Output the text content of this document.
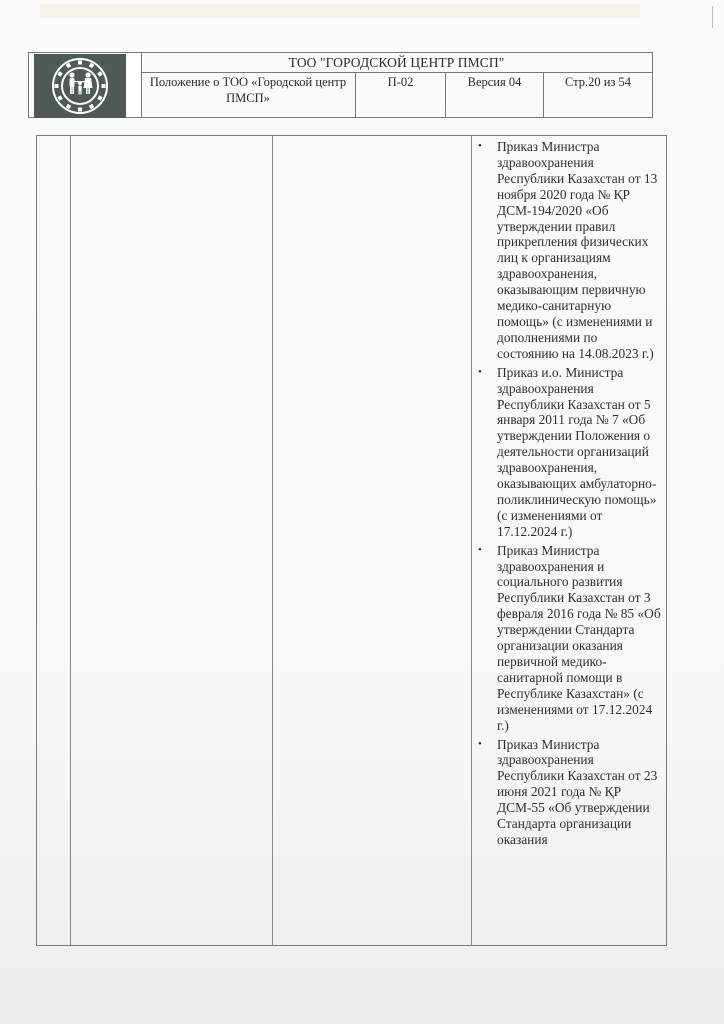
ТОО "ГОРОДСКОЙ ЦЕНТР ПМСП"
Положение о ТОО «Городской центр ПМСП»
П-02	Версия 04	Стр.20 из 54
• Приказ Министра здравоохранения Республики Казахстан от 13 ноября 2020 года № ҚР ДСМ-194/2020 «Об утверждении правил прикрепления физических лиц к организациям здравоохранения, оказывающим первичную медико-санитарную помощь» (с изменениями и дополнениями по состоянию на 14.08.2023 г.)
• Приказ и.о. Министра здравоохранения Республики Казахстан от 5 января 2011 года № 7 «Об утверждении Положения о деятельности организаций здравоохранения, оказывающих амбулаторно-поликлиническую помощь» (с изменениями от 17.12.2024 г.)
• Приказ Министра здравоохранения и социального развития Республики Казахстан от 3 февраля 2016 года № 85 «Об утверждении Стандарта организации оказания первичной медико-санитарной помощи в Республике Казахстан» (с изменениями от 17.12.2024 г.)
• Приказ Министра здравоохранения Республики Казахстан от 23 июня 2021 года № ҚР ДСМ-55 «Об утверждении Стандарта организации оказания
